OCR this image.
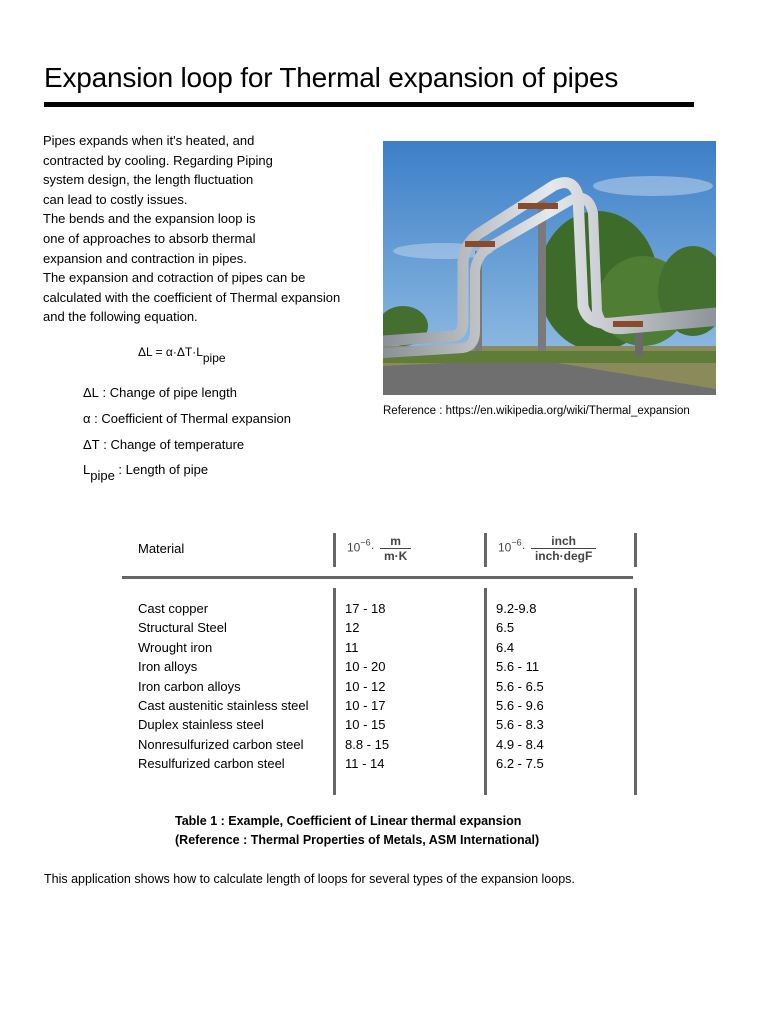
Expansion loop for Thermal expansion of pipes
Pipes expands when it's heated, and
contracted by cooling. Regarding Piping
system design, the length fluctuation
can lead to costly issues.
The bends and the expansion loop is
one of approaches to absorb thermal
expansion and contraction in pipes.
The expansion and cotraction of pipes can be
calculated with the coefficient of Thermal expansion
and the following equation.
$\Delta L = \alpha\cdot\Delta T\cdot L_{pipe}$
ΔL : Change of pipe length
α : Coefficient of Thermal expansion
ΔT : Change of temperature
$L_{pipe}$ : Length of pipe
Reference : https://en.wikipedia.org/wiki/Thermal_expansion
Material	$10^{-6}\cdot \frac{m}{m\cdot K}$	$10^{-6}\cdot \frac{\text{inch}}{\text{inch·degF}}$
Cast copper
Structural Steel
Wrought iron
Iron alloys
Iron carbon alloys
Cast austenitic stainless steel
Duplex stainless steel
Nonresulfurized carbon steel
Resulfurized carbon steel
17 - 18
12
11
10 - 20
10 - 12
10 - 17
10 - 15
8.8 - 15
11 - 14
9.2-9.8
6.5
6.4
5.6 - 11
5.6 - 6.5
5.6 - 9.6
5.6 - 8.3
4.9 - 8.4
6.2 - 7.5
Table 1 : Example, Coefficient of Linear thermal expansion
(Reference : Thermal Properties of Metals, ASM International)
This application shows how to calculate length of loops for several types of the expansion loops.
